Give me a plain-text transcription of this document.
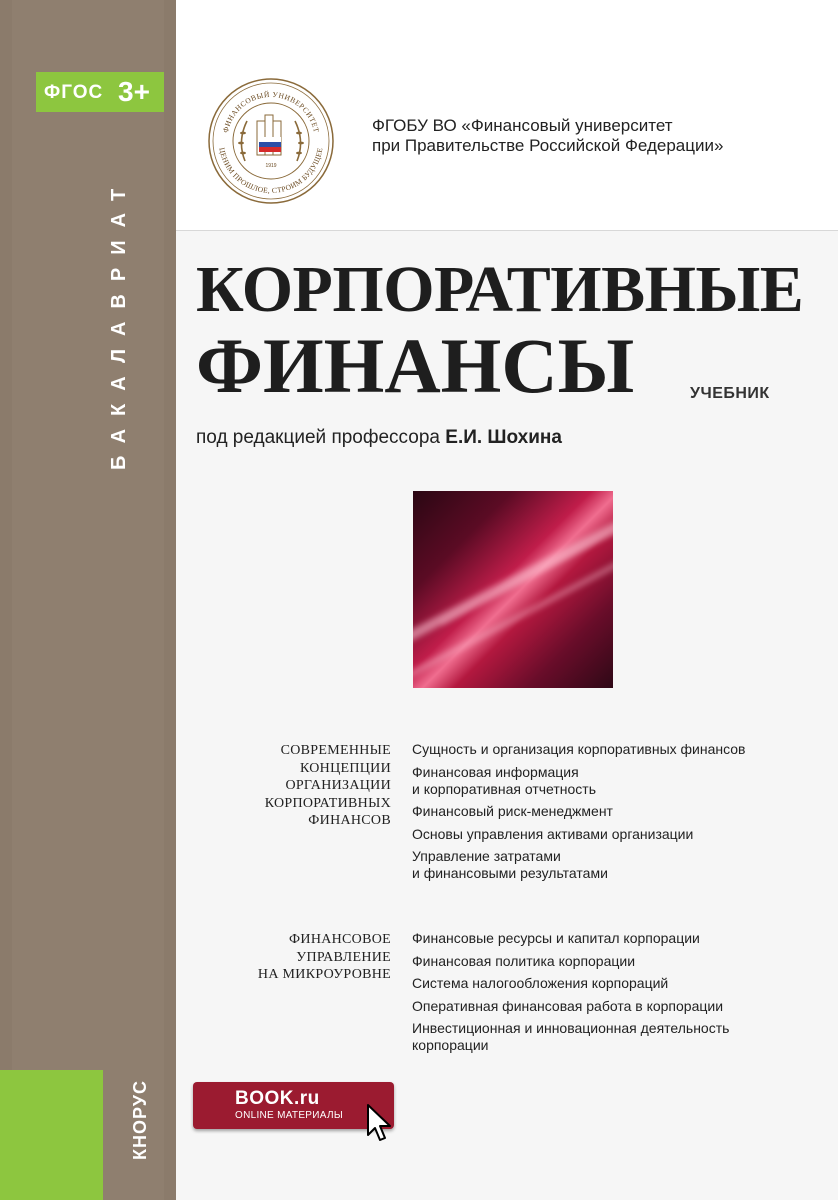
ФГОС 3+
БАКАЛАВРИАТ
КНОРУС
ФИНАНСОВЫЙ УНИВЕРСИТЕТ
ЦЕНИМ ПРОШЛОЕ, СТРОИМ БУДУЩЕЕ
1919
ФГОБУ ВО «Финансовый университет
при Правительстве Российской Федерации»
КОРПОРАТИВНЫЕ
ФИНАНСЫ	УЧЕБНИК
под редакцией профессора Е.И. Шохина
СОВРЕМЕННЫЕ
КОНЦЕПЦИИ
ОРГАНИЗАЦИИ
КОРПОРАТИВНЫХ
ФИНАНСОВ
Сущность и организация корпоративных финансов
Финансовая информация
и корпоративная отчетность
Финансовый риск-менеджмент
Основы управления активами организации
Управление затратами
и финансовыми результатами
ФИНАНСОВОЕ
УПРАВЛЕНИЕ
НА МИКРОУРОВНЕ
Финансовые ресурсы и капитал корпорации
Финансовая политика корпорации
Система налогообложения корпораций
Оперативная финансовая работа в корпорации
Инвестиционная и инновационная деятельность
корпорации
BOOK.ru
ONLINE МАТЕРИАЛЫ
